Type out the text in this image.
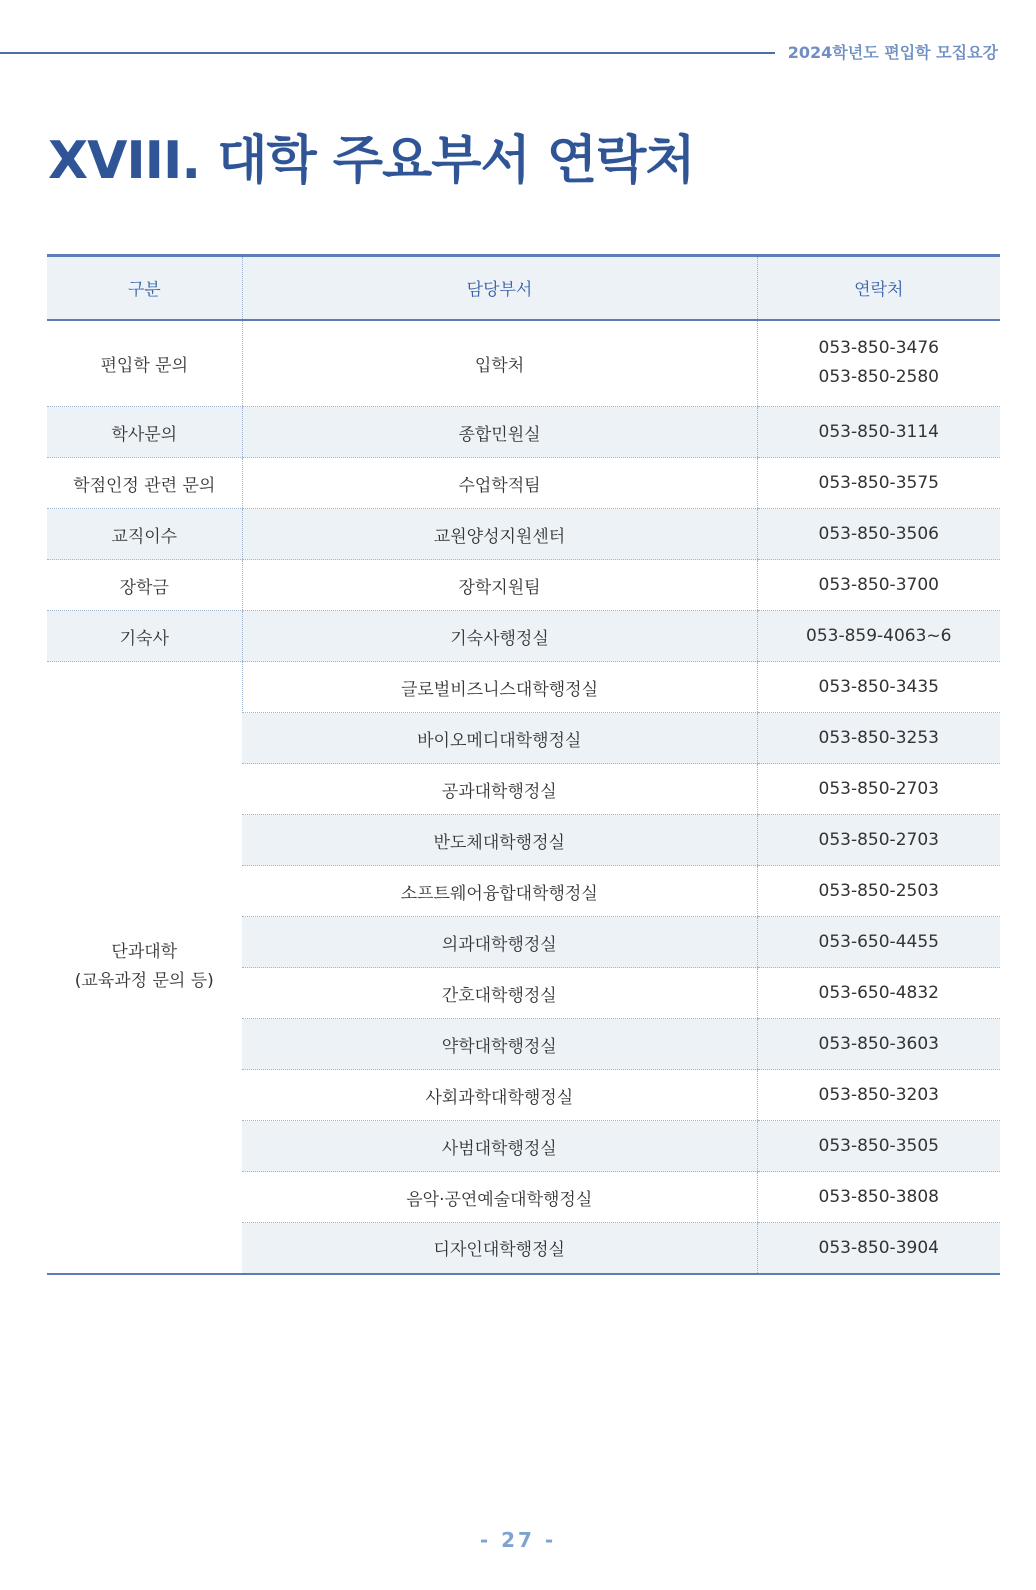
2024학년도 편입학 모집요강
XVIII. 대학 주요부서 연락처
구분	담당부서	연락처
편입학 문의	입학처	053-850-3476
053-850-2580

학사문의	종합민원실	053-850-3114
학점인정 관련 문의	수업학적팀	053-850-3575
교직이수	교원양성지원센터	053-850-3506
장학금	장학지원팀	053-850-3700
기숙사	기숙사행정실	053-859-4063~6

단과대학
(교육과정 문의 등)	글로벌비즈니스대학행정실	053-850-3435
	바이오메디대학행정실	053-850-3253
	공과대학행정실	053-850-2703
	반도체대학행정실	053-850-2703
	소프트웨어융합대학행정실	053-850-2503
	의과대학행정실	053-650-4455
	간호대학행정실	053-650-4832
	약학대학행정실	053-850-3603
	사회과학대학행정실	053-850-3203
	사범대학행정실	053-850-3505
	음악·공연예술대학행정실	053-850-3808
	디자인대학행정실	053-850-3904
- 27 -
